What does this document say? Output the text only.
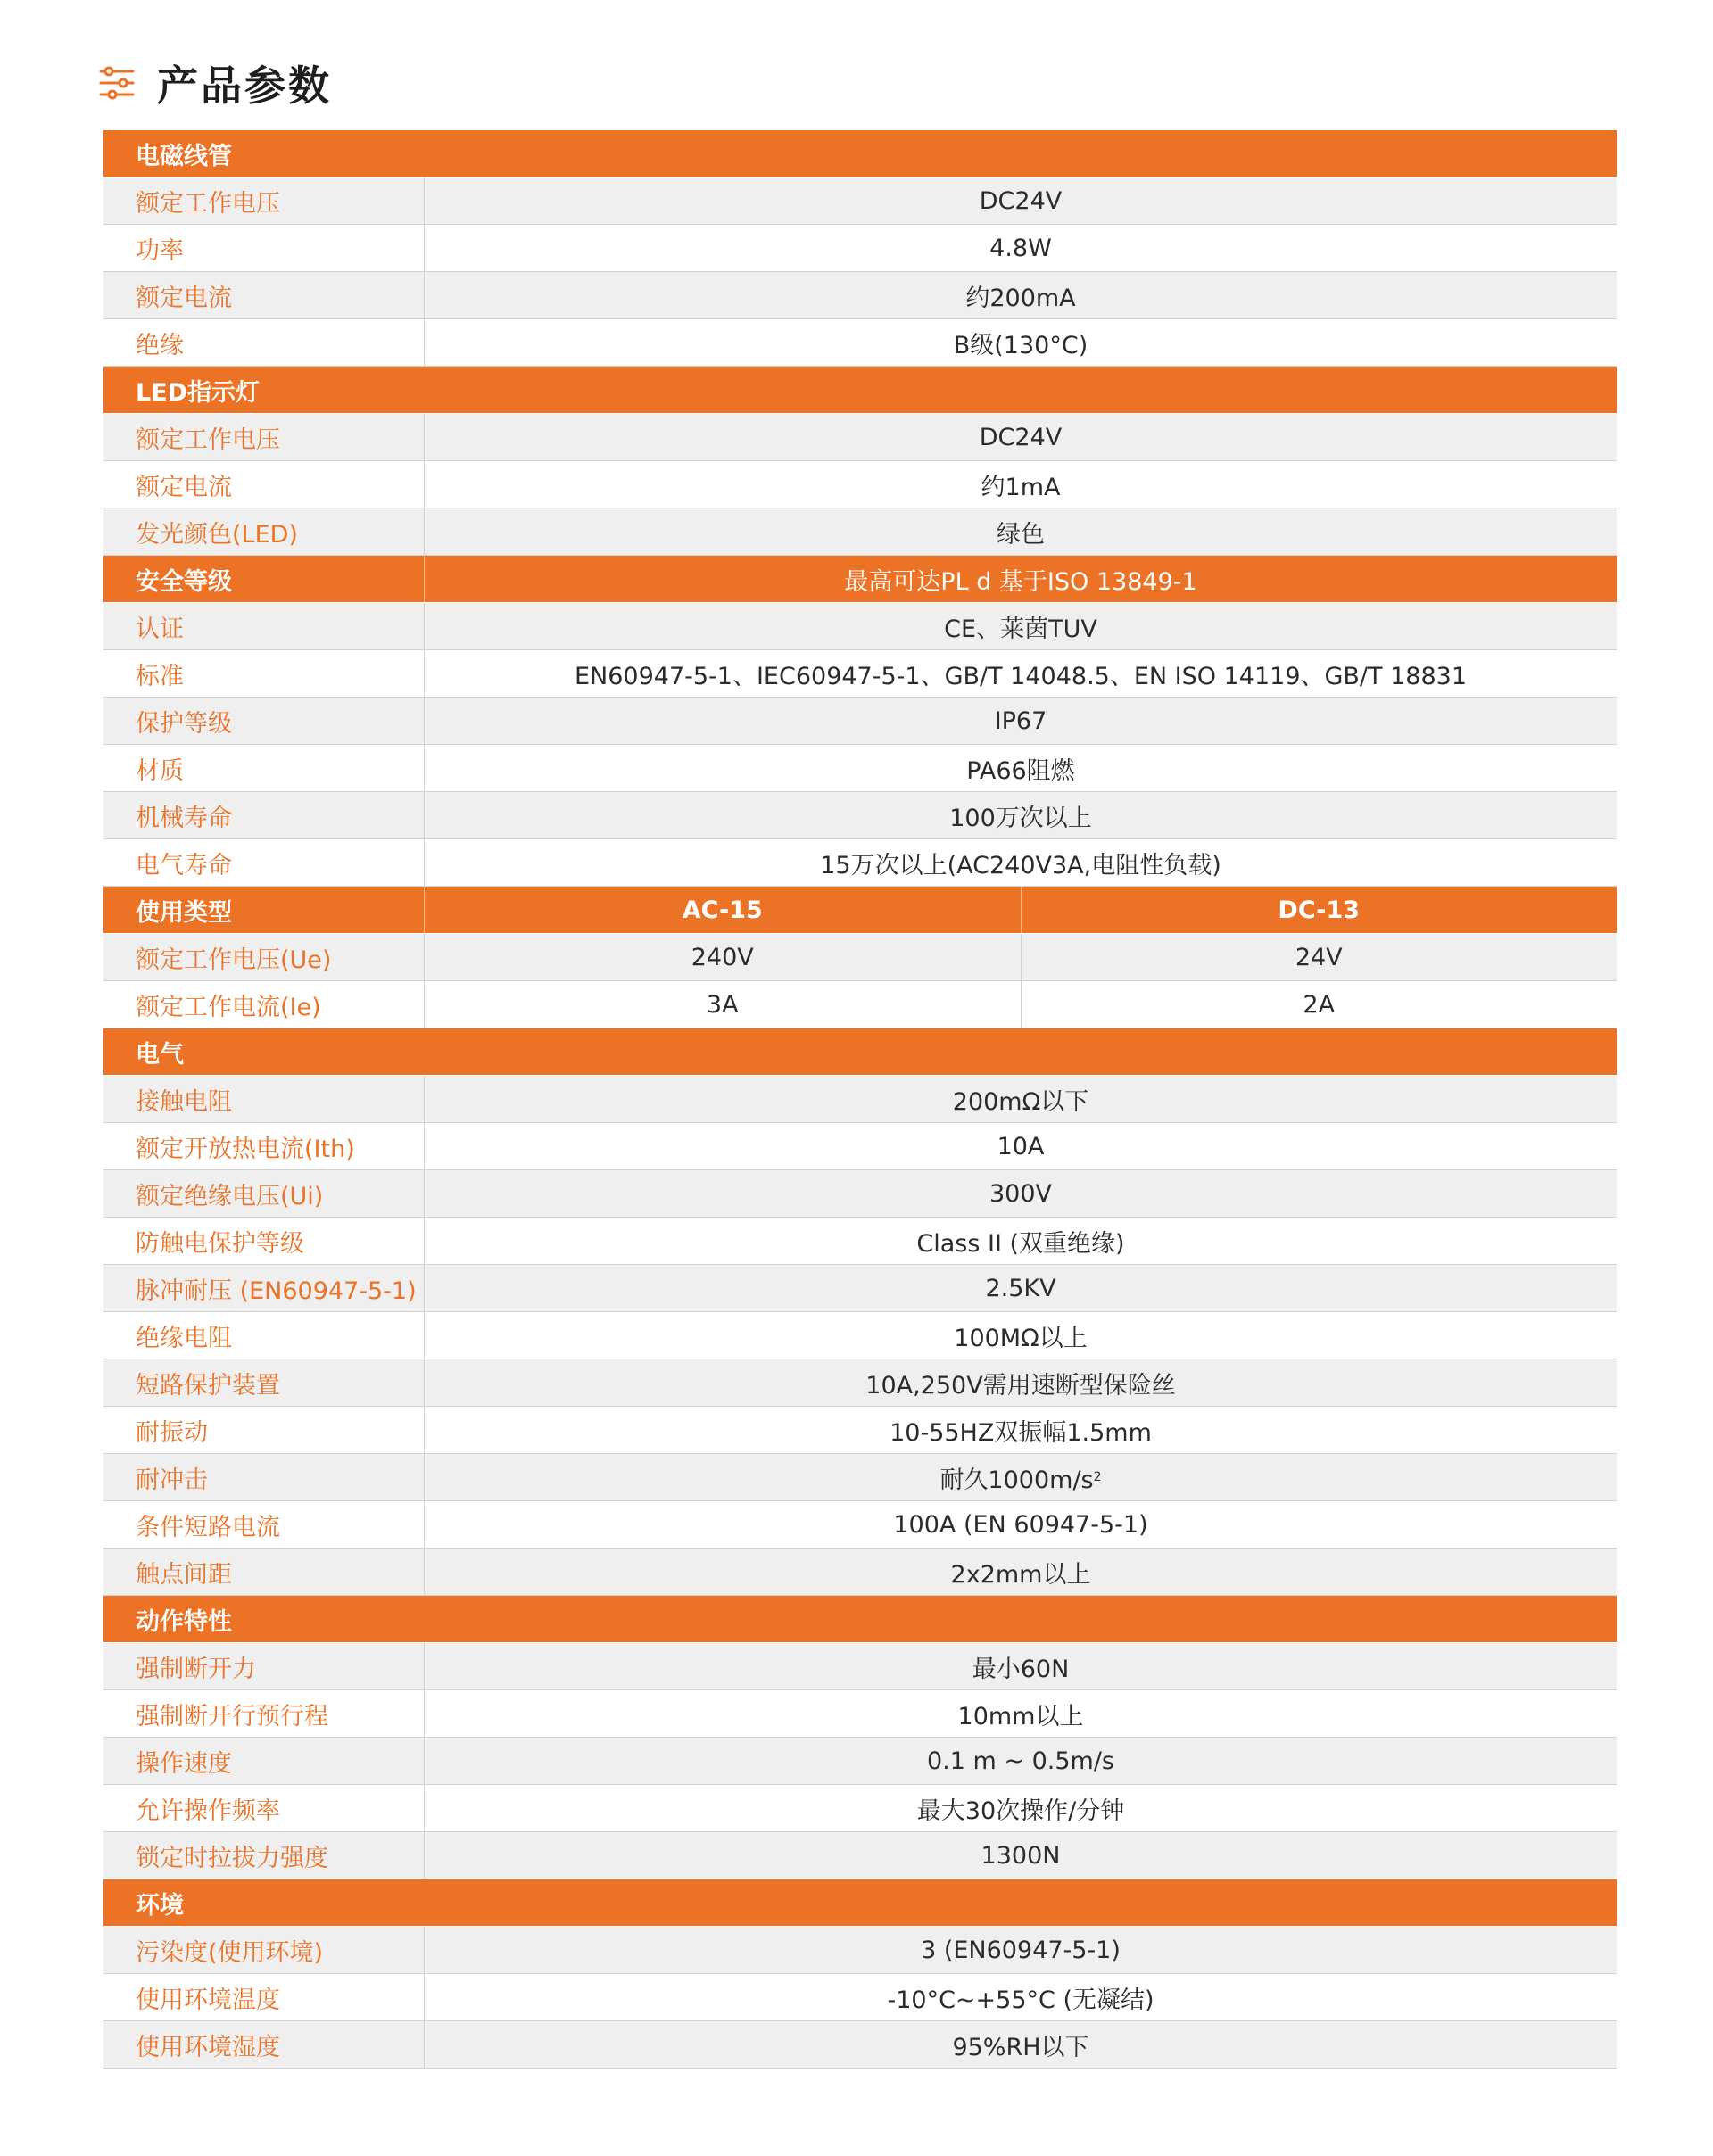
产品参数
电磁线管
额定工作电压	DC24V
功率	4.8W
额定电流	约200mA
绝缘	B级(130°C)
LED指示灯
额定工作电压	DC24V
额定电流	约1mA
发光颜色(LED)	绿色
安全等级	最高可达PL d 基于ISO 13849-1
认证	CE、莱茵TUV
标准	EN60947-5-1、IEC60947-5-1、GB/T 14048.5、EN ISO 14119、GB/T 18831
保护等级	IP67
材质	PA66阻燃
机械寿命	100万次以上
电气寿命	15万次以上(AC240V3A,电阻性负载)
使用类型	AC-15	DC-13
额定工作电压(Ue)	240V	24V
额定工作电流(Ie)	3A	2A
电气
接触电阻	200mΩ以下
额定开放热电流(Ith)	10A
额定绝缘电压(Ui)	300V
防触电保护等级	Class II (双重绝缘)
脉冲耐压 (EN60947-5-1)	2.5KV
绝缘电阻	100MΩ以上
短路保护装置	10A,250V需用速断型保险丝
耐振动	10-55HZ双振幅1.5mm
耐冲击	耐久1000m/s 2
条件短路电流	100A (EN 60947-5-1)
触点间距	2x2mm以上
动作特性
强制断开力	最小60N
强制断开行预行程	10mm以上
操作速度	0.1 m ~ 0.5m/s
允许操作频率	最大30次操作/分钟
锁定时拉拔力强度	1300N
环境
污染度(使用环境)	3 (EN60947-5-1)
使用环境温度	-10°C~+55°C (无凝结)
使用环境湿度	95%RH以下
